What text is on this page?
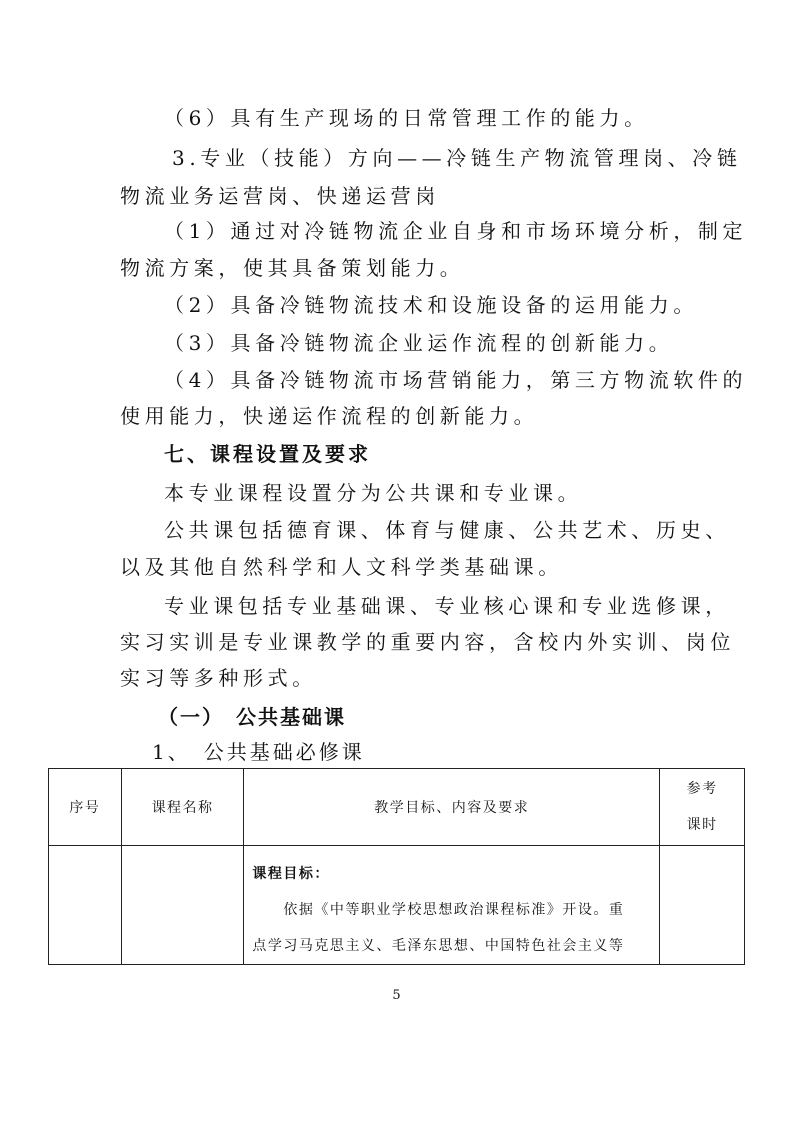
（6）具有生产现场的日常管理工作的能力。
3.专业（技能）方向——冷链生产物流管理岗、冷链
物流业务运营岗、快递运营岗
（1）通过对冷链物流企业自身和市场环境分析，制定
物流方案，使其具备策划能力。
（2）具备冷链物流技术和设施设备的运用能力。
（3）具备冷链物流企业运作流程的创新能力。
（4）具备冷链物流市场营销能力，第三方物流软件的
使用能力，快递运作流程的创新能力。
七、课程设置及要求
本专业课程设置分为公共课和专业课。
公共课包括德育课、体育与健康、公共艺术、历史、
以及其他自然科学和人文科学类基础课。
专业课包括专业基础课、专业核心课和专业选修课，
实习实训是专业课教学的重要内容，含校内外实训、岗位
实习等多种形式。
（一）　公共基础课
1、　公共基础必修课
序号	课程名称	教学目标、内容及要求	参考
课时

		课程目标：

依据《中等职业学校思想政治课程标准》开设。重

点学习马克思主义、毛泽东思想、中国特色社会主义等	

5
